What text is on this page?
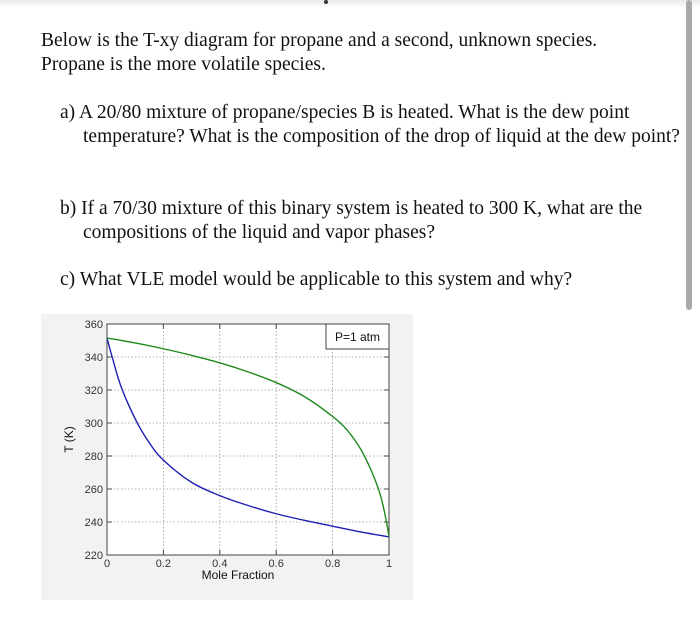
Below is the T-xy diagram for propane and a second, unknown species.
Propane is the more volatile species.

a) A 20/80 mixture of propane/species B is heated. What is the dew point temperature? What is the composition of the drop of liquid at the dew point?

b) If a 70/30 mixture of this binary system is heated to 300 K, what are the compositions of the liquid and vapor phases?

c) What VLE model would be applicable to this system and why?

220
240
260
280
300
320
340
360
0	0.2	0.4	0.6	0.8	1
Mole Fraction
T (K)
P=1 atm
